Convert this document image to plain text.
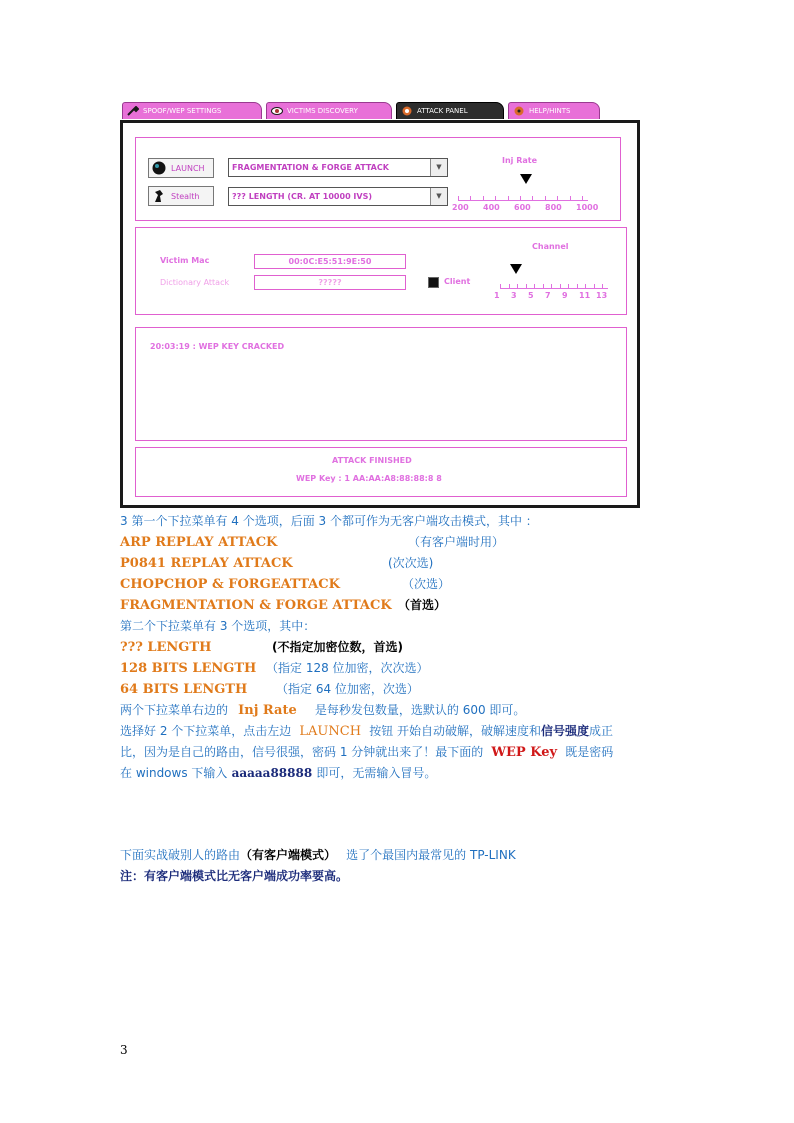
SPOOF/WEP SETTINGS	VICTIMS DISCOVERY	ATTACK PANEL	HELP/HINTS
LAUNCH
Stealth
FRAGMENTATION & FORGE ATTACK	▼
??? LENGTH (CR. AT 10000 IVS)	▼
Inj Rate
200 400 600 800 1000
Victim Mac	00:0C:E5:51:9E:50
Dictionary Attack	?????	Client
Channel
1 3 5 7 9 11 13
20:03:19 : WEP KEY CRACKED
ATTACK FINISHED
WEP Key : 1 AA:AA:A8:88:88:8 8
3 第一个下拉菜单有 4 个选项，后面 3 个都可作为无客户端攻击模式，其中 ：
ARP REPLAY ATTACK	（有客户端时用）
P0841 REPLAY ATTACK	(次次选)
CHOPCHOP & FORGEATTACK	（次选）
FRAGMENTATION & FORGE ATTACK （首选）
第二个下拉菜单有 3 个选项，其中：
??? LENGTH	(不指定加密位数，首选)
128 BITS LENGTH （指定 128 位加密，次次选）
64 BITS LENGTH （指定 64 位加密，次选）
两个下拉菜单右边的 Inj Rate 是每秒发包数量，选默认的 600 即可。
选择好 2 个下拉菜单，点击左边 LAUNCH 按钮 开始自动破解，破解速度和信号强度成正
比，因为是自己的路由，信号很强，密码 1 分钟就出来了！最下面的 WEP Key 既是密码
在 windows 下输入 aaaaa88888 即可，无需输入冒号。
下面实战破别人的路由（有客户端模式） 选了个最国内最常见的 TP-LINK
注：有客户端模式比无客户端成功率要高。
3
